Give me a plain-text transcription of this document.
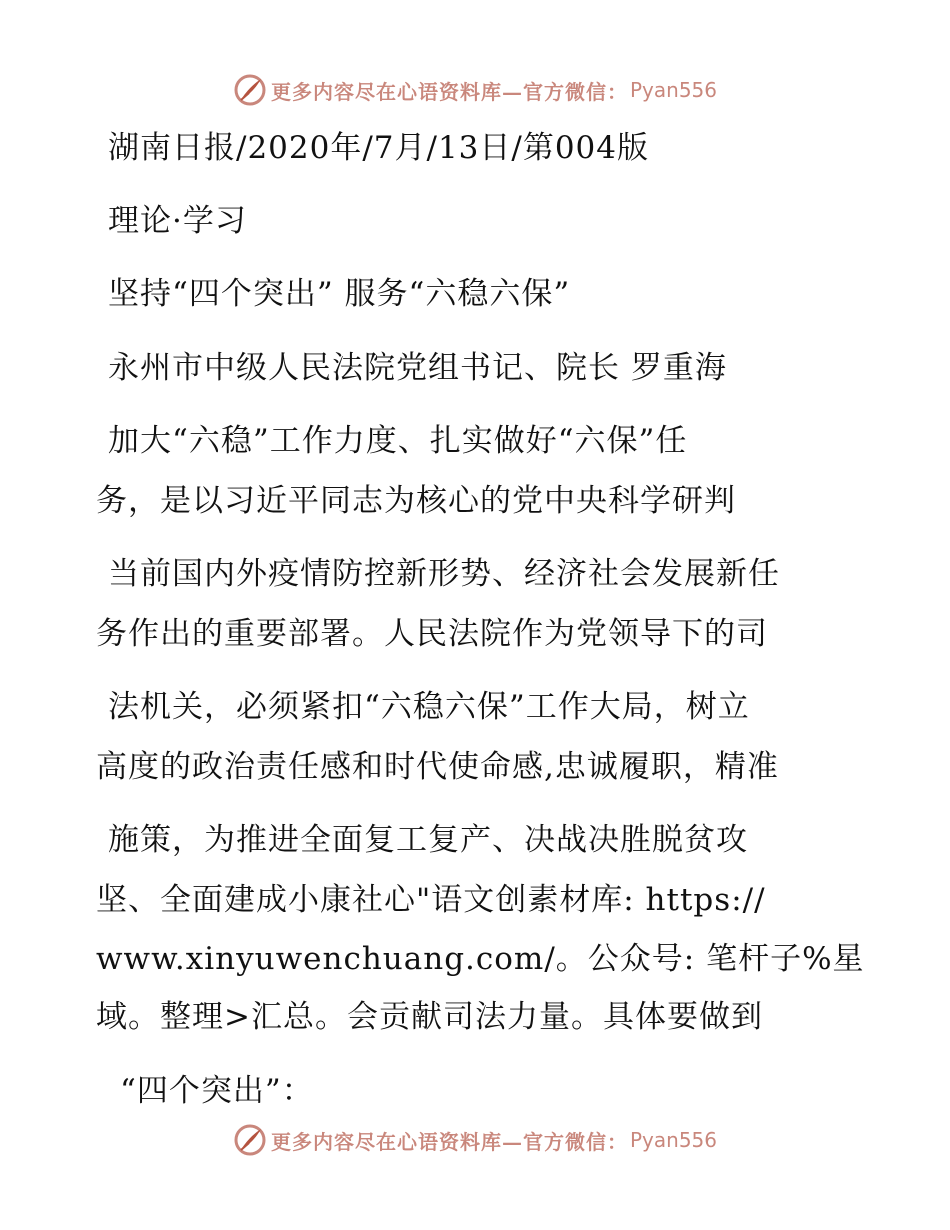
更多内容尽在心语资料库—官方微信： Pyan556
湖南日报/2020年/7月/13日/第004版
理论·学习
坚持“四个突出” 服务“六稳六保”
永州市中级人民法院党组书记、院长 罗重海
加大“六稳”工作力度、扎实做好“六保”任
务，是以习近平同志为核心的党中央科学研判
当前国内外疫情防控新形势、经济社会发展新任
务作出的重要部署。人民法院作为党领导下的司
法机关，必须紧扣“六稳六保”工作大局，树立
高度的政治责任感和时代使命感,忠诚履职，精准
施策，为推进全面复工复产、决战决胜脱贫攻
坚、全面建成小康社心"语文创素材库: https://
www.xinyuwenchuang.com/。公众号: 笔杆子%星
域。整理>汇总。会贡献司法力量。具体要做到
“四个突出”：
更多内容尽在心语资料库—官方微信： Pyan556
